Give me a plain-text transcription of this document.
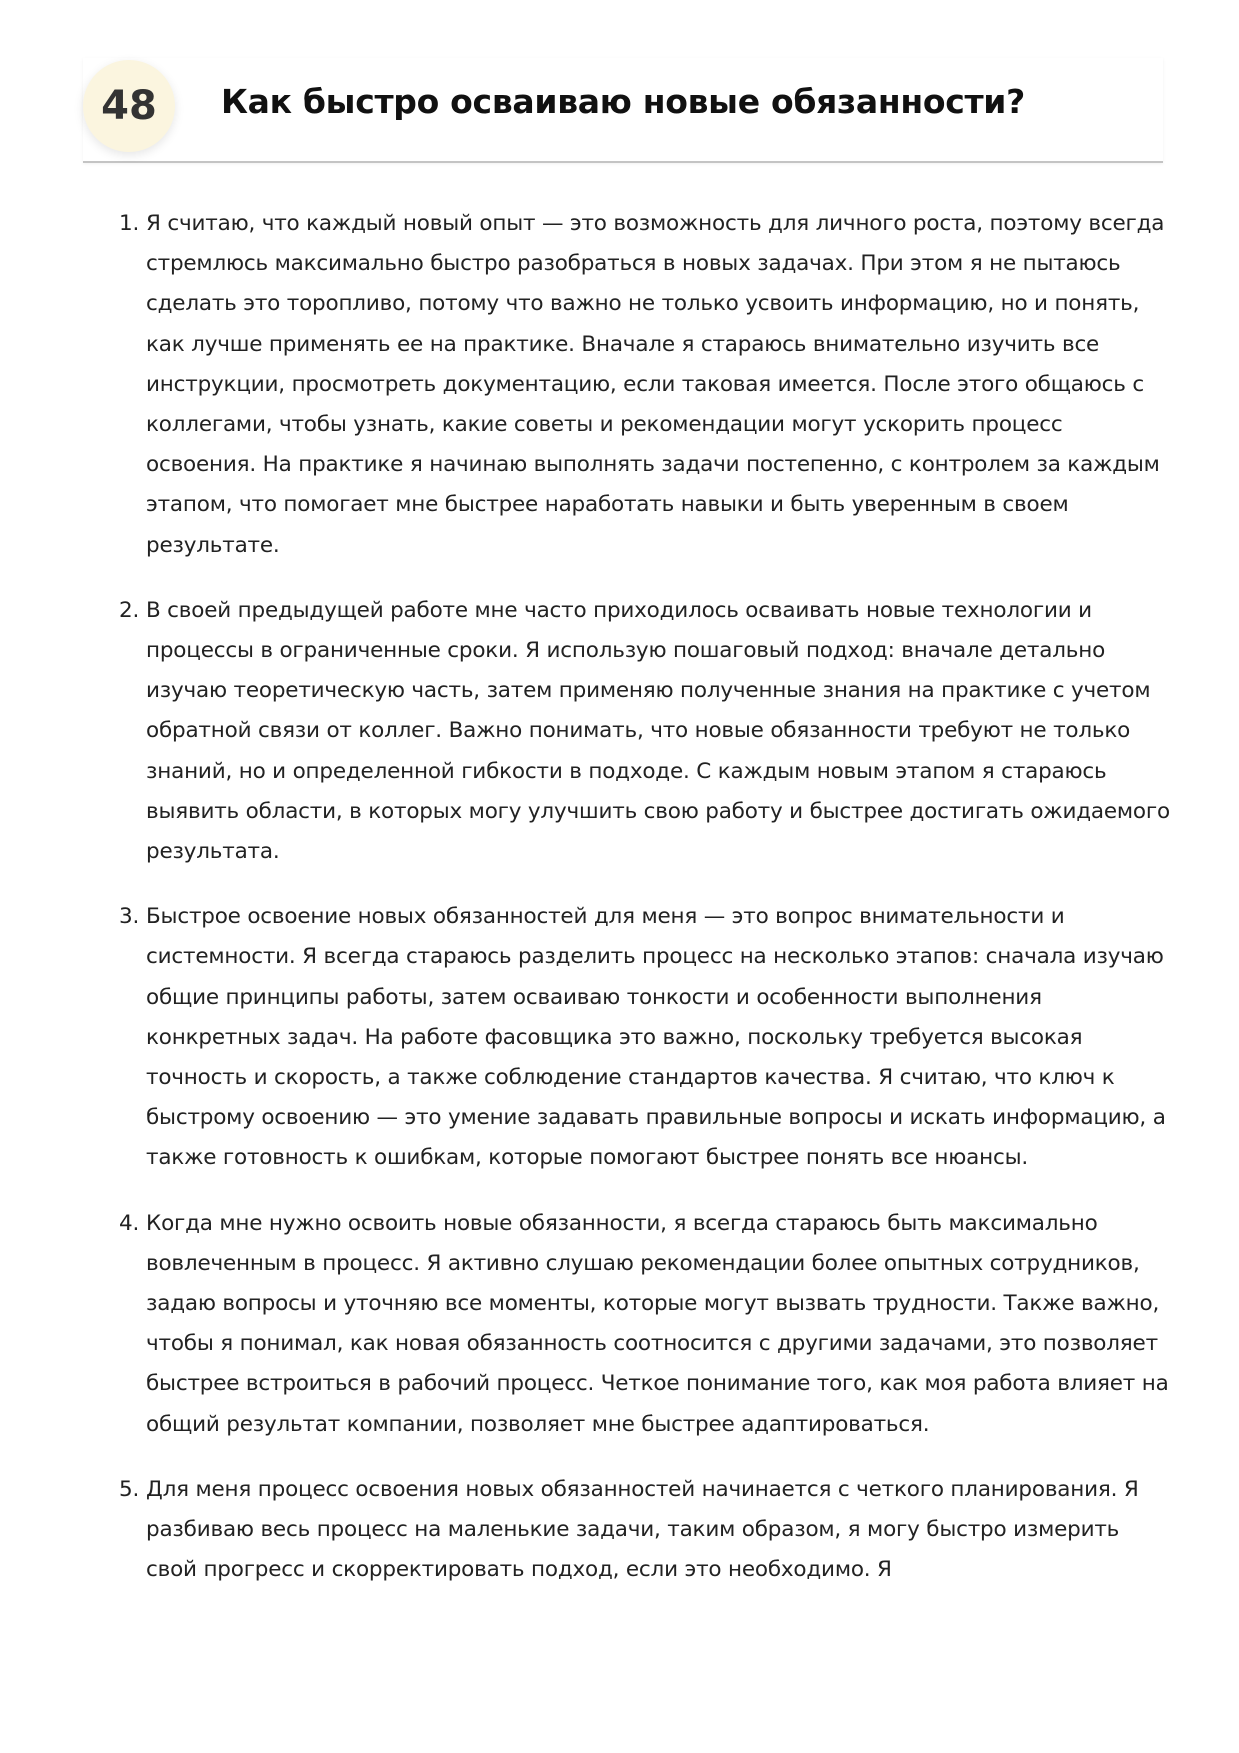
48	Как быстро осваиваю новые обязанности?
1. Я считаю, что каждый новый опыт — это возможность для личного роста, поэтому всегда стремлюсь максимально быстро разобраться в новых задачах. При этом я не пытаюсь сделать это торопливо, потому что важно не только усвоить информацию, но и понять, как лучше применять ее на практике. Вначале я стараюсь внимательно изучить все инструкции, просмотреть документацию, если таковая имеется. После этого общаюсь с коллегами, чтобы узнать, какие советы и рекомендации могут ускорить процесс освоения. На практике я начинаю выполнять задачи постепенно, с контролем за каждым этапом, что помогает мне быстрее наработать навыки и быть уверенным в своем результате.
2. В своей предыдущей работе мне часто приходилось осваивать новые технологии и процессы в ограниченные сроки. Я использую пошаговый подход: вначале детально изучаю теоретическую часть, затем применяю полученные знания на практике с учетом обратной связи от коллег. Важно понимать, что новые обязанности требуют не только знаний, но и определенной гибкости в подходе. С каждым новым этапом я стараюсь выявить области, в которых могу улучшить свою работу и быстрее достигать ожидаемого результата.
3. Быстрое освоение новых обязанностей для меня — это вопрос внимательности и системности. Я всегда стараюсь разделить процесс на несколько этапов: сначала изучаю общие принципы работы, затем осваиваю тонкости и особенности выполнения конкретных задач. На работе фасовщика это важно, поскольку требуется высокая точность и скорость, а также соблюдение стандартов качества. Я считаю, что ключ к быстрому освоению — это умение задавать правильные вопросы и искать информацию, а также готовность к ошибкам, которые помогают быстрее понять все нюансы.
4. Когда мне нужно освоить новые обязанности, я всегда стараюсь быть максимально вовлеченным в процесс. Я активно слушаю рекомендации более опытных сотрудников, задаю вопросы и уточняю все моменты, которые могут вызвать трудности. Также важно, чтобы я понимал, как новая обязанность соотносится с другими задачами, это позволяет быстрее встроиться в рабочий процесс. Четкое понимание того, как моя работа влияет на общий результат компании, позволяет мне быстрее адаптироваться.
5. Для меня процесс освоения новых обязанностей начинается с четкого планирования. Я разбиваю весь процесс на маленькие задачи, таким образом, я могу быстро измерить свой прогресс и скорректировать подход, если это необходимо. Я
